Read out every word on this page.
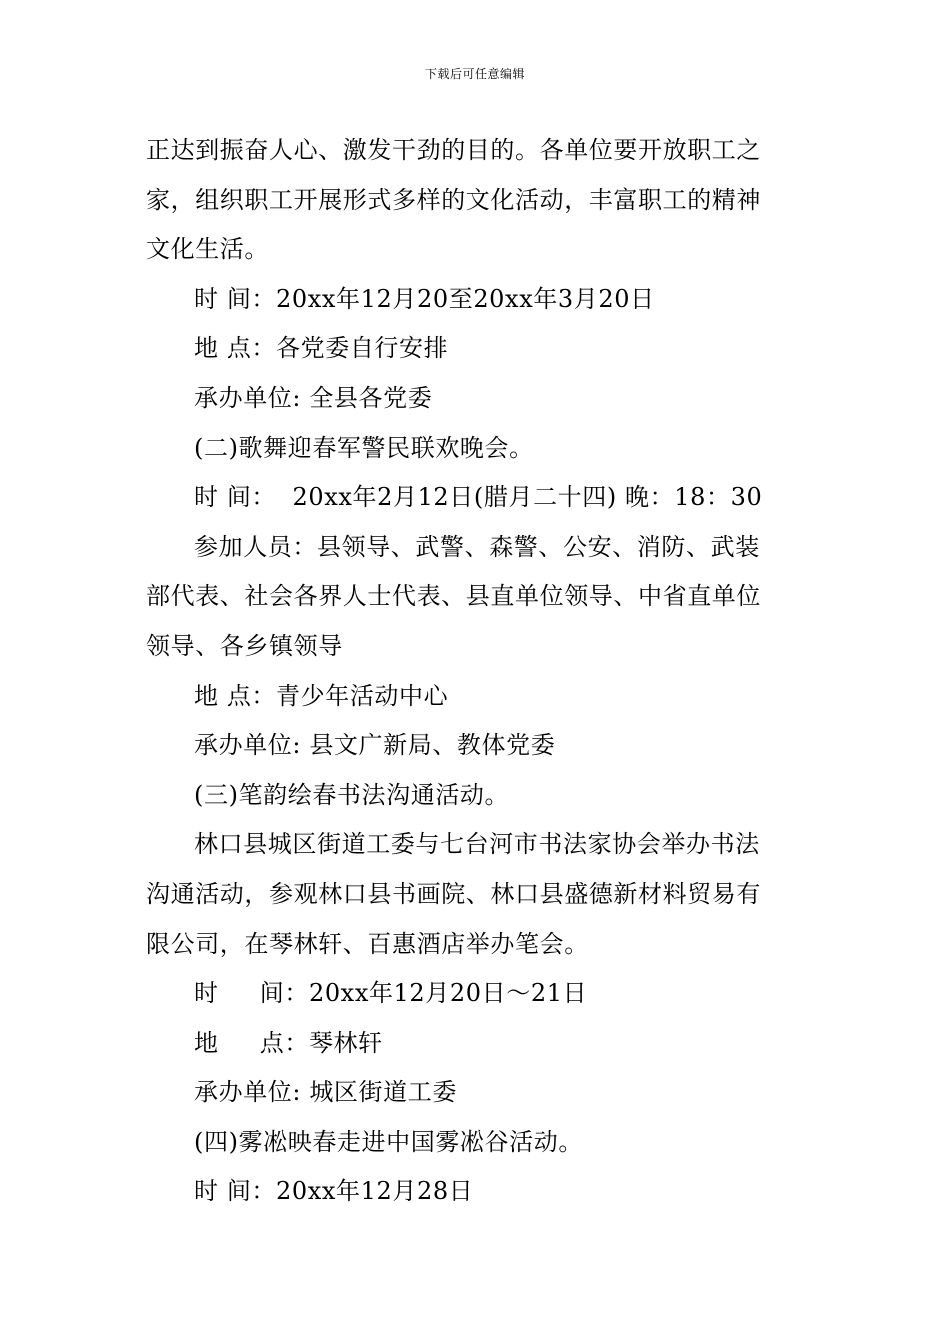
下载后可任意编辑
正达到振奋人心、激发干劲的目的。各单位要开放职工之
家，组织职工开展形式多样的文化活动，丰富职工的精神
文化生活。
时 间：20xx年12月20至20xx年3月20日
地 点：各党委自行安排
承办单位: 全县各党委
(二)歌舞迎春军警民联欢晚会。
时 间：  20xx年2月12日(腊月二十四) 晚：18：30
参加人员：县领导、武警、森警、公安、消防、武装
部代表、社会各界人士代表、县直单位领导、中省直单位
领导、各乡镇领导
地 点：青少年活动中心
承办单位: 县文广新局、教体党委
(三)笔韵绘春书法沟通活动。
林口县城区街道工委与七台河市书法家协会举办书法
沟通活动，参观林口县书画院、林口县盛德新材料贸易有
限公司，在琴林轩、百惠酒店举办笔会。
时     间：20xx年12月20日～21日
地     点：琴林轩
承办单位: 城区街道工委
(四)雾凇映春走进中国雾凇谷活动。
时 间：20xx年12月28日
